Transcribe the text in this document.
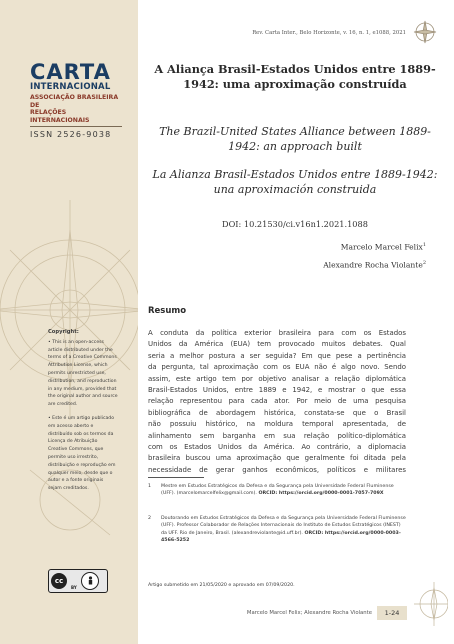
CARTA
INTERNACIONAL
ASSOCIAÇÃO BRASILEIRA DE
RELAÇÕES INTERNACIONAIS
ISSN 2526-9038
Copyright:
• This is an open-access article distributed under the terms of a Creative Commons Attribution License, which permits unrestricted use, distribution, and reproduction in any medium, provided that the original author and source are credited.
• Este é um artigo publicado em acesso aberto e distribuído sob os termos da Licença de Atribuição Creative Commons, que permite uso irrestrito, distribuição e reprodução em qualquer meio, desde que o autor e a fonte originais sejam creditados.
cc
BY
Rev. Carta Inter., Belo Horizonte, v. 16, n. 1, e1088, 2021
A Aliança Brasil-Estados Unidos entre 1889-1942: uma aproximação construída
The Brazil-United States Alliance between 1889-1942: an approach built
La Alianza Brasil-Estados Unidos entre 1889-1942: una aproximación construida
DOI: 10.21530/ci.v16n1.2021.1088
Marcelo Marcel Felix$^1$
Alexandre Rocha Violante$^2$
Resumo
A conduta da política exterior brasileira para com os Estados
Unidos da América (EUA) tem provocado muitos debates. Qual
seria a melhor postura a ser seguida? Em que pese a pertinência
da pergunta, tal aproximação com os EUA não é algo novo. Sendo
assim, este artigo tem por objetivo analisar a relação diplomática
Brasil-Estados Unidos, entre 1889 e 1942, e mostrar o que essa
relação representou para cada ator. Por meio de uma pesquisa
bibliográfica de abordagem histórica, constata-se que o Brasil
não possuiu histórico, na moldura temporal apresentada, de
alinhamento sem barganha em sua relação político-diplomática
com os Estados Unidos da América. Ao contrário, a diplomacia
brasileira buscou uma aproximação que geralmente foi ditada pela
necessidade de gerar ganhos econômicos, políticos e militares
1 Mestre em Estudos Estratégicos da Defesa e da Segurança pela Universidade Federal Fluminense (UFF). (marcelomarcelfelix@gmail.com). ORCID: https://orcid.org/0000-0001-7057-709X
2 Doutorando em Estudos Estratégicos da Defesa e da Segurança pela Universidade Federal Fluminense (UFF). Professor Colaborador de Relações Internacionais do Instituto de Estudos Estratégicos (INEST) da UFF. Rio de Janeiro, Brasil. (alexandreviolante@id.uff.br). ORCID: https://orcid.org/0000-0003-4566-5252
Artigo submetido em 21/05/2020 e aprovado em 07/09/2020.
Marcelo Marcel Felix; Alexandre Rocha Violante	1-24
